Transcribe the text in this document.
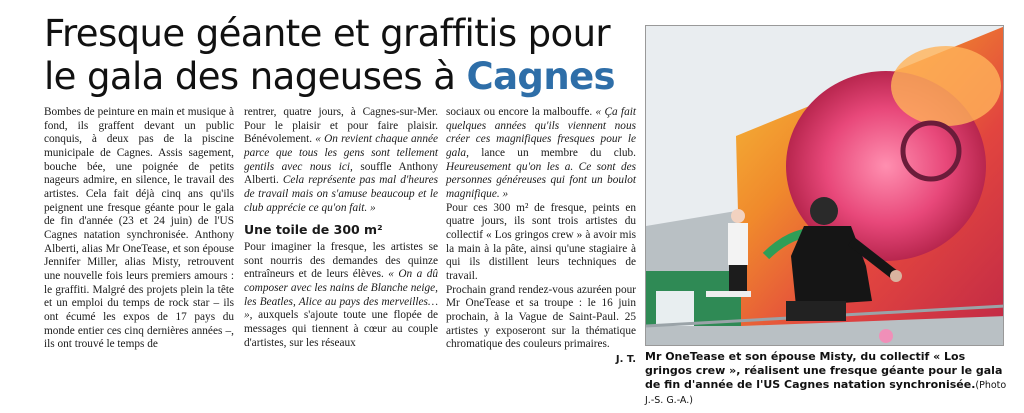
Fresque géante et graffitis pour
le gala des nageuses à Cagnes

Bombes de peinture en main et musique à fond, ils graffent devant un public conquis, à deux pas de la piscine municipale de Cagnes. Assis sagement, bouche bée, une poignée de petits nageurs admire, en silence, le travail des artistes. Cela fait déjà cinq ans qu'ils peignent une fresque géante pour le gala de fin d'année (23 et 24 juin) de l'US Cagnes natation synchronisée. Anthony Alberti, alias Mr OneTease, et son épouse Jennifer Miller, alias Misty, retrouvent une nouvelle fois leurs premiers amours : le graffiti. Malgré des projets plein la tête et un emploi du temps de rock star – ils ont écumé les expos de 17 pays du monde entier ces cinq dernières années –, ils ont trouvé le temps de

rentrer, quatre jours, à Cagnes-sur-Mer. Pour le plaisir et pour faire plaisir. Bénévolement. « On revient chaque année parce que tous les gens sont tellement gentils avec nous ici, souffle Anthony Alberti. Cela représente pas mal d'heures de travail mais on s'amuse beaucoup et le club apprécie ce qu'on fait. »

Une toile de 300 m²

Pour imaginer la fresque, les artistes se sont nourris des demandes des quinze entraîneurs et de leurs élèves. « On a dû composer avec les nains de Blanche neige, les Beatles, Alice au pays des merveilles… », auxquels s'ajoute toute une flopée de messages qui tiennent à cœur au couple d'artistes, sur les réseaux

sociaux ou encore la malbouffe. « Ça fait quelques années qu'ils viennent nous créer ces magnifiques fresques pour le gala, lance un membre du club. Heureusement qu'on les a. Ce sont des personnes généreuses qui font un boulot magnifique. »

Pour ces 300 m² de fresque, peints en quatre jours, ils sont trois artistes du collectif « Los gringos crew » à avoir mis la main à la pâte, ainsi qu'une stagiaire à qui ils distillent leurs techniques de travail.

Prochain grand rendez-vous azuréen pour Mr OneTease et sa troupe : le 16 juin prochain, à la Vague de Saint-Paul. 25 artistes y exposeront sur la thématique chromatique des couleurs primaires.

J. T. Mr OneTease et son épouse Misty, du collectif « Los gringos crew », réalisent une fresque géante pour le gala de fin d'année de l'US Cagnes natation synchronisée.(Photo J.-S. G.-A.)
